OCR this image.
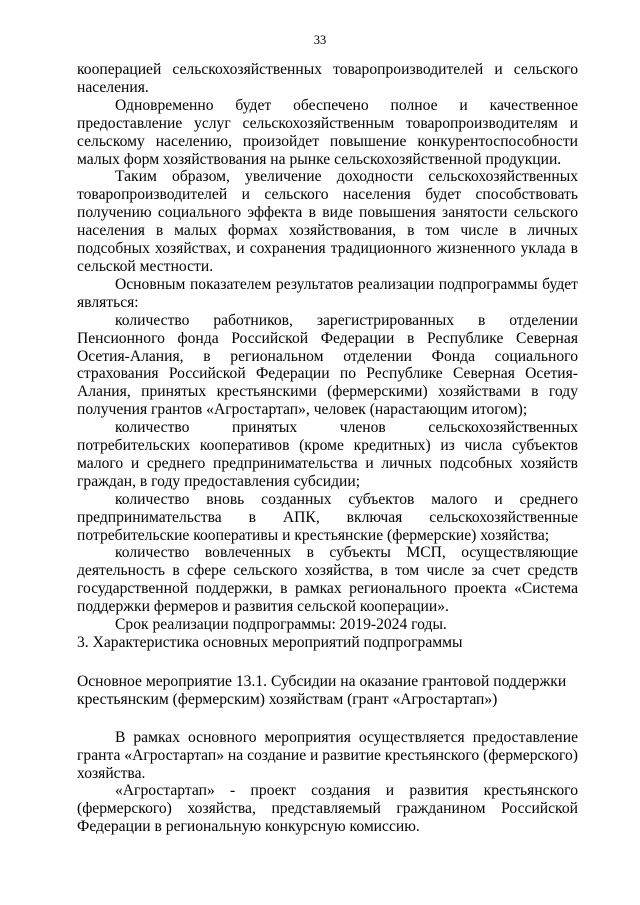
33

кооперацией сельскохозяйственных товаропроизводителей и сельского населения.

Одновременно будет обеспечено полное и качественное предоставление услуг сельскохозяйственным товаропроизводителям и сельскому населению, произойдет повышение конкурентоспособности малых форм хозяйствования на рынке сельскохозяйственной продукции.

Таким образом, увеличение доходности сельскохозяйственных товаропроизводителей и сельского населения будет способствовать получению социального эффекта в виде повышения занятости сельского населения в малых формах хозяйствования, в том числе в личных подсобных хозяйствах, и сохранения традиционного жизненного уклада в сельской местности.

Основным показателем результатов реализации подпрограммы будет являться:

количество работников, зарегистрированных в отделении Пенсионного фонда Российской Федерации в Республике Северная Осетия-Алания, в региональном отделении Фонда социального страхования Российской Федерации по Республике Северная Осетия-Алания, принятых крестьянскими (фермерскими) хозяйствами в году получения грантов «Агростартап», человек (нарастающим итогом);

количество принятых членов сельскохозяйственных потребительских кооперативов (кроме кредитных) из числа субъектов малого и среднего предпринимательства и личных подсобных хозяйств граждан, в году предоставления субсидии;

количество вновь созданных субъектов малого и среднего предпринимательства в АПК, включая сельскохозяйственные потребительские кооперативы и крестьянские (фермерские) хозяйства;

количество вовлеченных в субъекты МСП, осуществляющие деятельность в сфере сельского хозяйства, в том числе за счет средств государственной поддержки, в рамках регионального проекта «Система поддержки фермеров и развития сельской кооперации».

Срок реализации подпрограммы: 2019-2024 годы.

3. Характеристика основных мероприятий подпрограммы

Основное мероприятие 13.1. Субсидии на оказание грантовой поддержки

крестьянским (фермерским) хозяйствам (грант «Агростартап»)

В рамках основного мероприятия осуществляется предоставление гранта «Агростартап» на создание и развитие крестьянского (фермерского) хозяйства.

«Агростартап» - проект создания и развития крестьянского (фермерского) хозяйства, представляемый гражданином Российской Федерации в региональную конкурсную комиссию.
